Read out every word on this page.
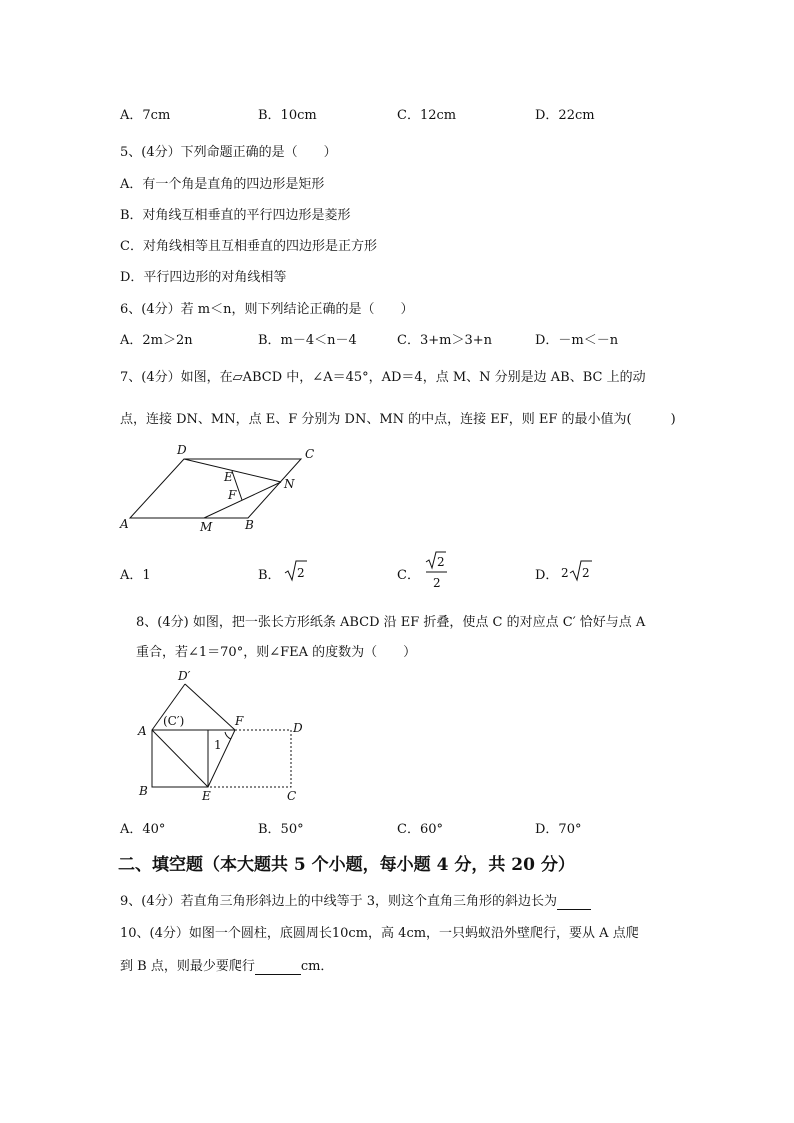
A．7cm	B．10cm	C．12cm	D．22cm
5、(4分）下列命题正确的是（　　）
A．有一个角是直角的四边形是矩形
B．对角线互相垂直的平行四边形是菱形
C．对角线相等且互相垂直的四边形是正方形
D．平行四边形的对角线相等
6、(4分）若 m＜n，则下列结论正确的是（　　）
A．2m＞2n	B．m－4＜n－4	C．3+m＞3+n	D．－m＜－n
7、(4分）如图，在▱ABCD 中，∠A＝45°，AD＝4，点 M、N 分别是边 AB、BC 上的动
点，连接 DN、MN，点 E、F 分别为 DN、MN 的中点，连接 EF，则 EF 的最小值为(　　　)
A	B
C
D
E
F
M
N
A．1	B． 2	C．
2
2	D． 2 2
8、(4分) 如图，把一张长方形纸条 ABCD 沿 EF 折叠，使点 C 的对应点 C′ 恰好与点 A
重合，若∠1＝70°，则∠FEA 的度数为（　　）
D′
A
(C′)	F	D
1
B	E	C
A．40°	B．50°	C．60°	D．70°
二、填空题（本大题共 5 个小题，每小题 4 分，共 20 分）
9、(4分）若直角三角形斜边上的中线等于 3，则这个直角三角形的斜边长为
10、(4分）如图一个圆柱，底圆周长10cm，高 4cm，一只蚂蚁沿外壁爬行，要从 A 点爬
到 B 点，则最少要爬行	cm．
